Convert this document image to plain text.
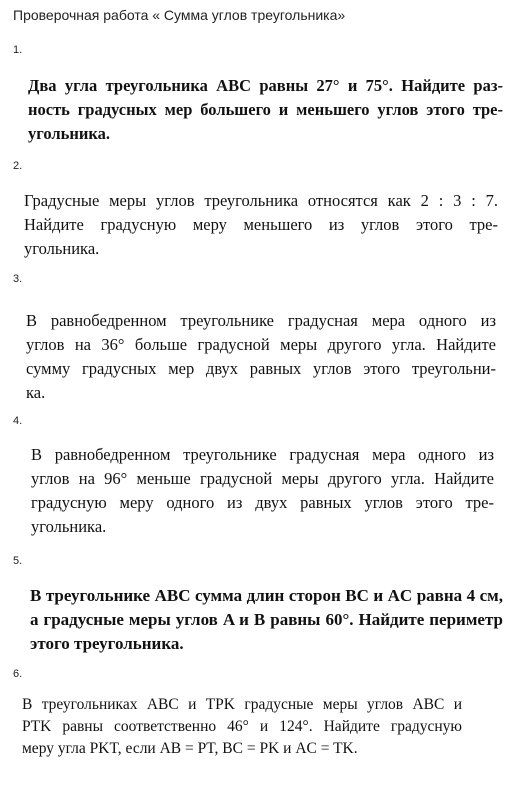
Проверочная работа « Сумма углов треугольника»
1.
Два угла треугольника ABC равны 27° и 75°. Найдите раз-
ность градусных мер большего и меньшего углов этого тре-
угольника.
2.
Градусные меры углов треугольника относятся как 2 : 3 : 7.
Найдите градусную меру меньшего из углов этого тре-
угольника.
3.
В равнобедренном треугольнике градусная мера одного из
углов на 36° больше градусной меры другого угла. Найдите
сумму градусных мер двух равных углов этого треугольни-
ка.
4.
В равнобедренном треугольнике градусная мера одного из
углов на 96° меньше градусной меры другого угла. Найдите
градусную меру одного из двух равных углов этого тре-
угольника.
5.
В треугольнике ABC сумма длин сторон BC и AC равна 4 см,
а градусные меры углов A и B равны 60°. Найдите периметр
этого треугольника.
6.
В треугольниках ABC и TPK градусные меры углов ABC и
PTK равны соответственно 46° и 124°. Найдите градусную
меру угла PKT, если AB = PT, BC = PK и AC = TK.
